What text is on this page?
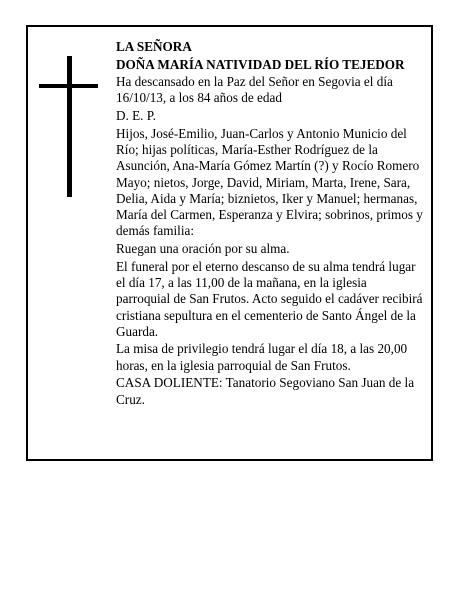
LA SEÑORA

DOÑA MARÍA NATIVIDAD DEL RÍO TEJEDOR

Ha descansado en la Paz del Señor en Segovia el día 16/10/13, a los 84 años de edad

D. E. P.

Hijos, José-Emilio, Juan-Carlos y Antonio Municio del Río; hijas políticas, María-Esther Rodríguez de la Asunción, Ana-María Gómez Martín (?) y Rocío Romero Mayo; nietos, Jorge, David, Miriam, Marta, Irene, Sara, Delia, Aida y María; biznietos, Iker y Manuel; hermanas, María del Carmen, Esperanza y Elvira; sobrinos, primos y demás familia:

Ruegan una oración por su alma.

El funeral por el eterno descanso de su alma tendrá lugar el día 17, a las 11,00 de la mañana, en la iglesia parroquial de San Frutos. Acto seguido el cadáver recibirá cristiana sepultura en el cementerio de Santo Ángel de la Guarda.

La misa de privilegio tendrá lugar el día 18, a las 20,00 horas, en la iglesia parroquial de San Frutos.

CASA DOLIENTE: Tanatorio Segoviano San Juan de la Cruz.
